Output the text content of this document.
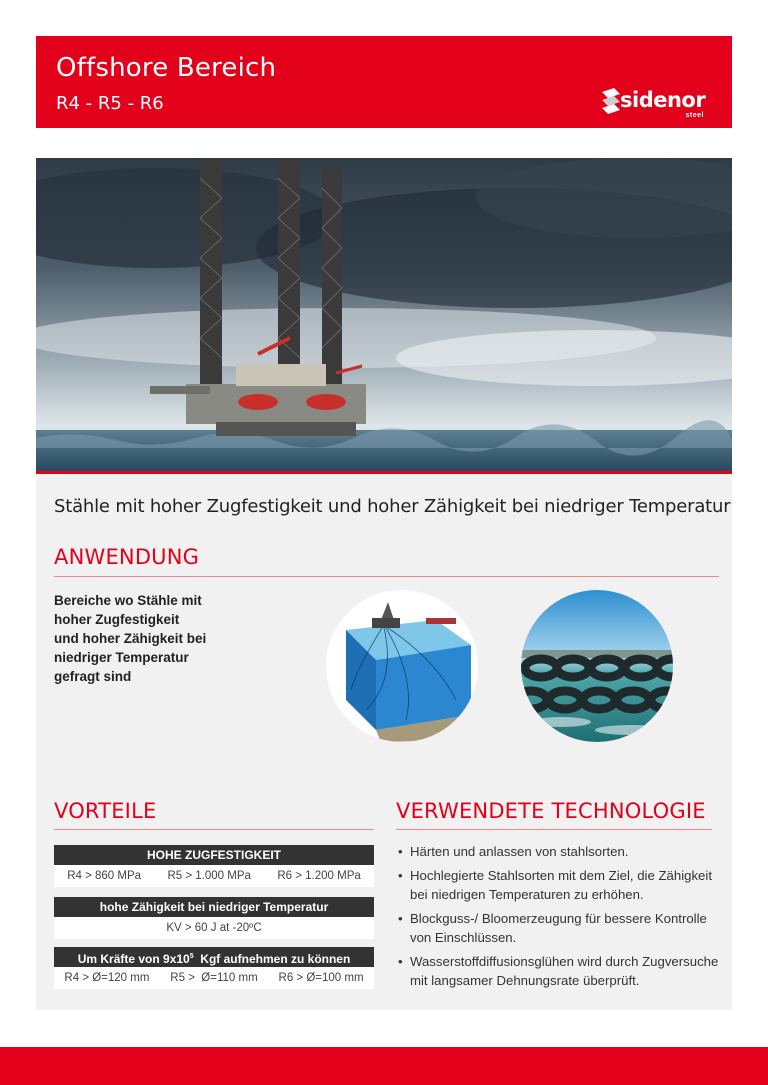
Offshore Bereich
R4 - R5 - R6	sidenor
steel
Stähle mit hoher Zugfestigkeit und hoher Zähigkeit bei niedriger Temperatur
ANWENDUNG
Bereiche wo Stähle mit
hoher Zugfestigkeit
und hoher Zähigkeit bei
niedriger Temperatur
gefragt sind
VORTEILE
HOHE ZUGFESTIGKEIT
R4 > 860 MPa R5 > 1.000 MPa R6 > 1.200 MPa
hohe Zähigkeit bei niedriger Temperatur
KV > 60 J at -20ºC
Um Kräfte von $9x10^5$  Kgf aufnehmen zu können
R4 > Ø=120 mm R5 >  Ø=110 mm R6 > Ø=100 mm
VERWENDETE TECHNOLOGIE
• Härten und anlassen von stahlsorten.
• Hochlegierte Stahlsorten mit dem Ziel, die Zähigkeit bei niedrigen Temperaturen zu erhöhen.
• Blockguss-/ Bloomerzeugung für bessere Kontrolle von Einschlüssen.
• Wasserstoffdiffusionsglühen wird durch Zugversuche mit langsamer Dehnungsrate überprüft.
